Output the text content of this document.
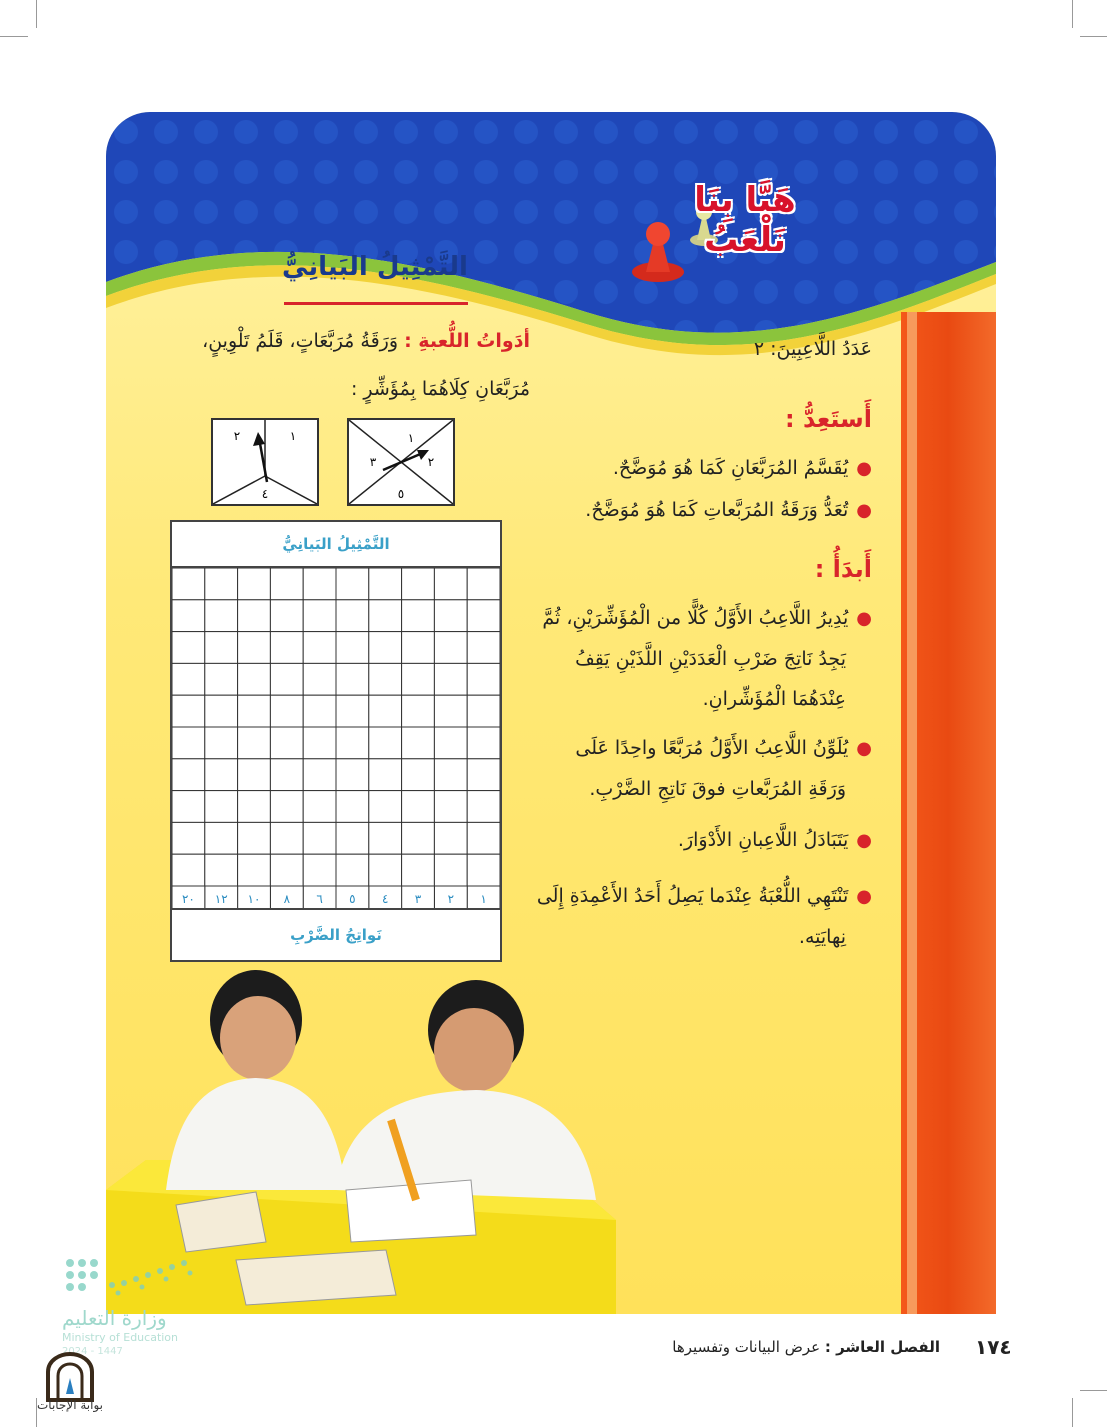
هَيَّا بِنَا
نَلْعَبُ
التَّمْثِيلُ البَيانِيُّ
عَدَدُ اللَّاعِبِينَ: ٢
أدَواتُ اللُّعبةِ : وَرَقَةُ مُرَبَّعَاتٍ، قَلَمُ تَلْوِينٍ،
مُرَبَّعَانِ كِلَاهُمَا بِمُؤَشِّرٍ :
١
٢
٣
٥
١
٢
٤
أَستَعِدُّ :
●يُقَسَّمُ المُرَبَّعَانِ كَمَا هُوَ مُوَضَّحٌ.
●تُعَدُّ وَرَقَةُ المُرَبَّعاتِ كَمَا هُوَ مُوَضَّحٌ.
أَبدَأُ :
●يُدِيرُ اللَّاعِبُ الأَوَّلُ كُلًّا من الْمُؤَشِّرَيْنِ، ثُمَّ
يَجِدُ نَاتِجَ ضَرْبِ الْعَدَدَيْنِ اللَّذَيْنِ يَقِفُ
عِنْدَهُمَا الْمُؤَشِّرانِ.
●يُلَوِّنُ اللَّاعِبُ الأَوَّلُ مُرَبَّعًا واحِدًا عَلَى
وَرَقَةِ المُرَبَّعاتِ فوقَ نَاتِجِ الضَّرْبِ.
●يَتَبَادَلُ اللَّاعِبانِ الأَدْوَارَ.
●تَنْتَهِي اللُّعْبَةُ عِنْدَما يَصِلُ أَحَدُ الأَعْمِدَةِ إِلَى
نِهايَتِه.
التَّمْثِيلُ البَيانِيُّ
١
٢
٣
٤
٥
٦
٨
١٠
١٢
٢٠
نَواتِجُ الضَّرْبِ
وزارة التعليم
Ministry of Education
2024 - 1447
بوابة الإجابات
١٧٤
الفصل العاشر : عرض البيانات وتفسيرها
